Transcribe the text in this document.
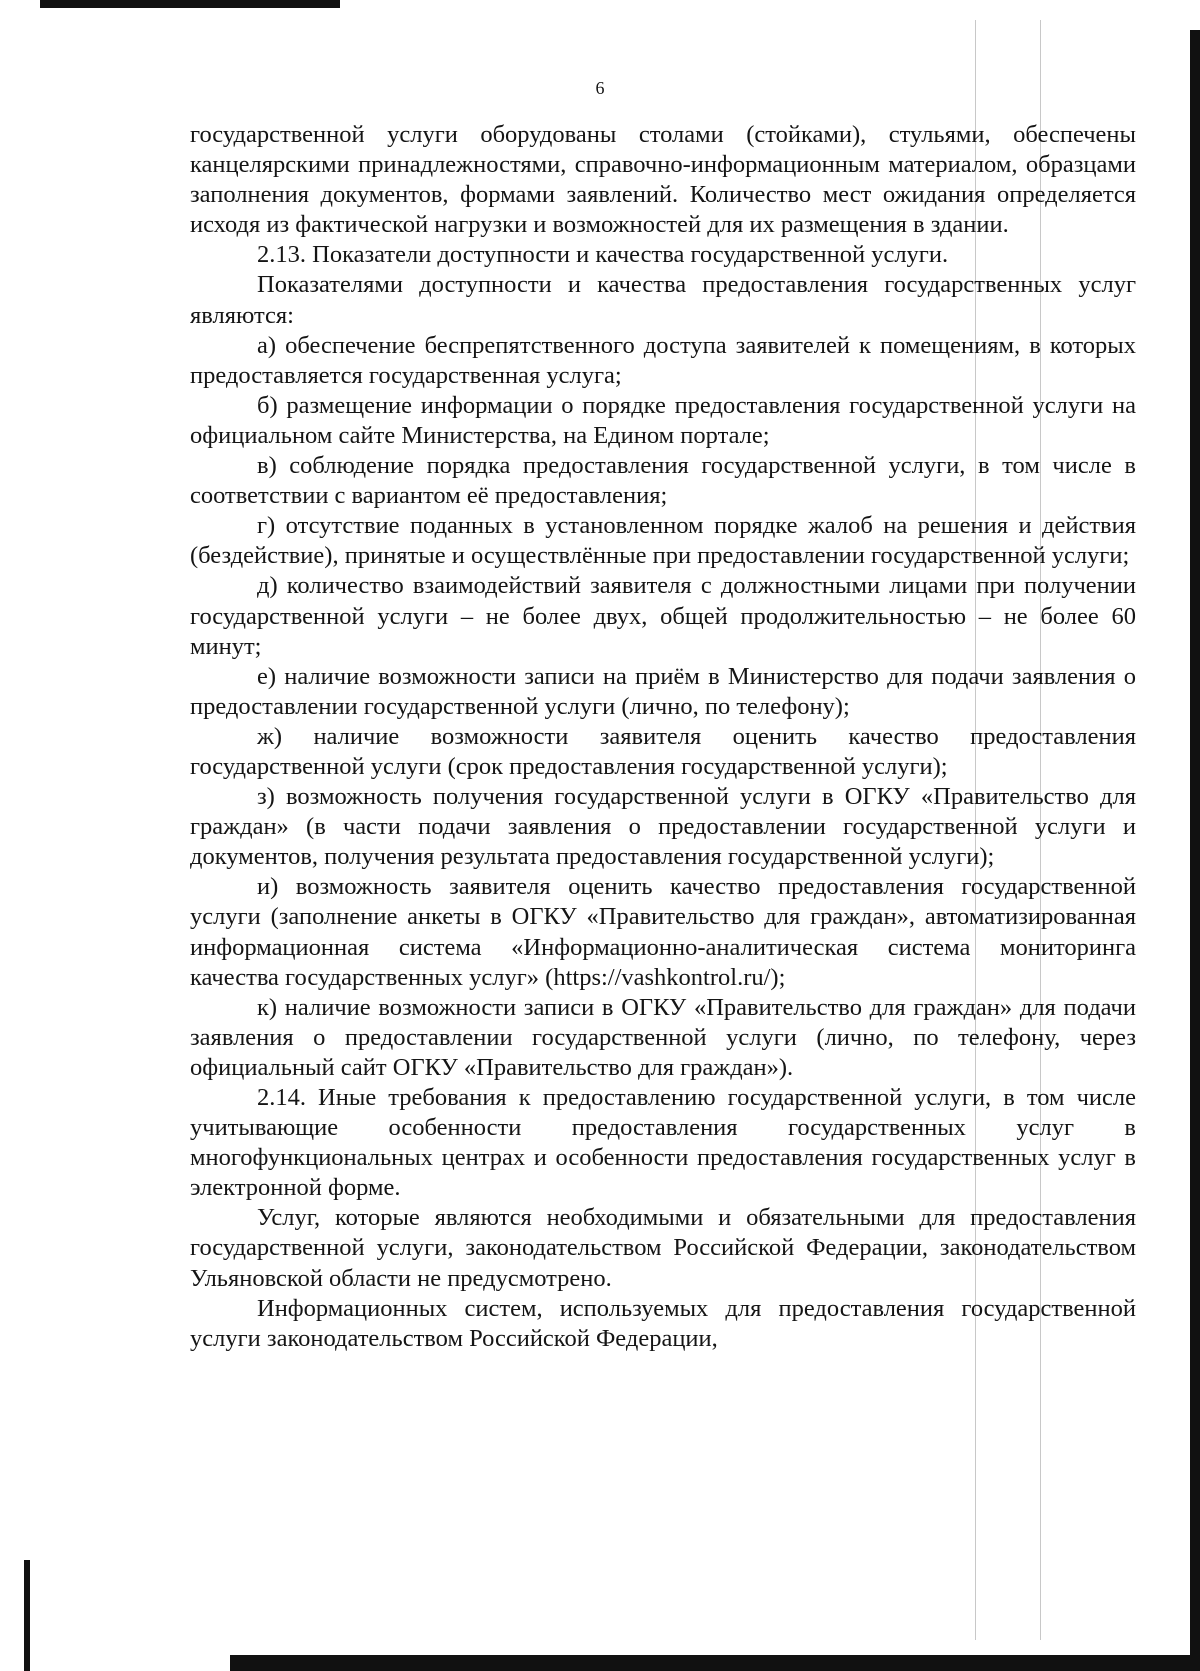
6

государственной услуги оборудованы столами (стойками), стульями, обеспечены канцелярскими принадлежностями, справочно-информационным материалом, образцами заполнения документов, формами заявлений. Количество мест ожидания определяется исходя из фактической нагрузки и возможностей для их размещения в здании.

2.13. Показатели доступности и качества государственной услуги.

Показателями доступности и качества предоставления государственных услуг являются:

а) обеспечение беспрепятственного доступа заявителей к помещениям, в которых предоставляется государственная услуга;

б) размещение информации о порядке предоставления государственной услуги на официальном сайте Министерства, на Едином портале;

в) соблюдение порядка предоставления государственной услуги, в том числе в соответствии с вариантом её предоставления;

г) отсутствие поданных в установленном порядке жалоб на решения и действия (бездействие), принятые и осуществлённые при предоставлении государственной услуги;

д) количество взаимодействий заявителя с должностными лицами при получении государственной услуги – не более двух, общей продолжительностью – не более 60 минут;

е) наличие возможности записи на приём в Министерство для подачи заявления о предоставлении государственной услуги (лично, по телефону);

ж) наличие возможности заявителя оценить качество предоставления государственной услуги (срок предоставления государственной услуги);

з) возможность получения государственной услуги в ОГКУ «Правительство для граждан» (в части подачи заявления о предоставлении государственной услуги и документов, получения результата предоставления государственной услуги);

и) возможность заявителя оценить качество предоставления государственной услуги (заполнение анкеты в ОГКУ «Правительство для граждан», автоматизированная информационная система «Информационно-аналитическая система мониторинга качества государственных услуг» (https://vashkontrol.ru/);

к) наличие возможности записи в ОГКУ «Правительство для граждан» для подачи заявления о предоставлении государственной услуги (лично, по телефону, через официальный сайт ОГКУ «Правительство для граждан»).

2.14. Иные требования к предоставлению государственной услуги, в том числе учитывающие особенности предоставления государственных услуг в многофункциональных центрах и особенности предоставления государственных услуг в электронной форме.

Услуг, которые являются необходимыми и обязательными для предоставления государственной услуги, законодательством Российской Федерации, законодательством Ульяновской области не предусмотрено.

Информационных систем, используемых для предоставления государственной услуги законодательством Российской Федерации,
